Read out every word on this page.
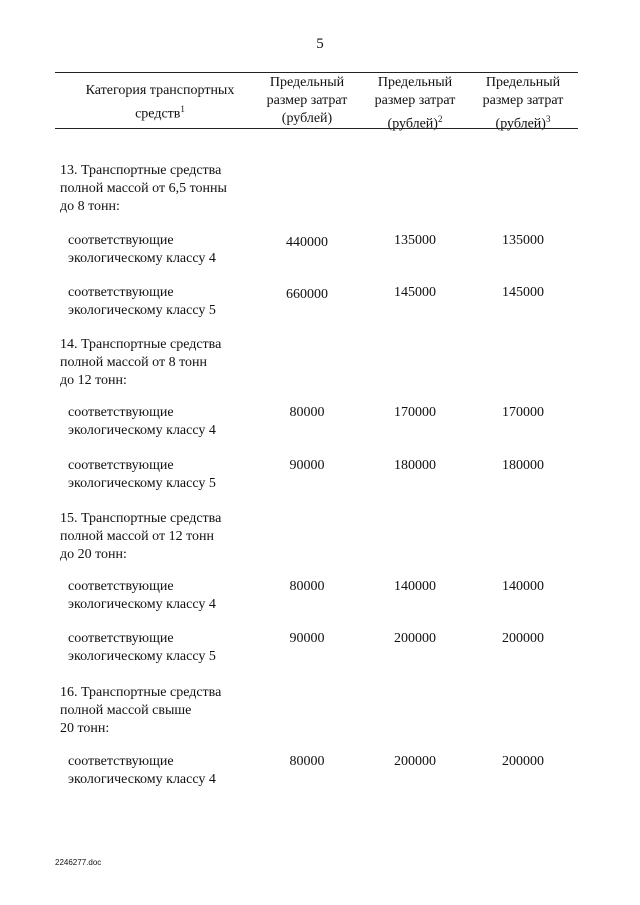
5
Категория транспортных
средств$^1$
Предельный
размер затрат
(рублей)
Предельный
размер затрат
(рублей)$^2$
Предельный
размер затрат
(рублей)$^3$
13. Транспортные средства
полной массой от 6,5 тонны
до 8 тонн:
соответствующие
экологическому классу 4
440000	135000	135000
соответствующие
экологическому классу 5
660000	145000	145000
14. Транспортные средства
полной массой от 8 тонн
до 12 тонн:
соответствующие
экологическому классу 4
80000	170000	170000
соответствующие
экологическому классу 5
90000	180000	180000
15. Транспортные средства
полной массой от 12 тонн
до 20 тонн:
соответствующие
экологическому классу 4
80000	140000	140000
соответствующие
экологическому классу 5
90000	200000	200000
16. Транспортные средства
полной массой свыше
20 тонн:
соответствующие
экологическому классу 4
80000	200000	200000
2246277.doc
